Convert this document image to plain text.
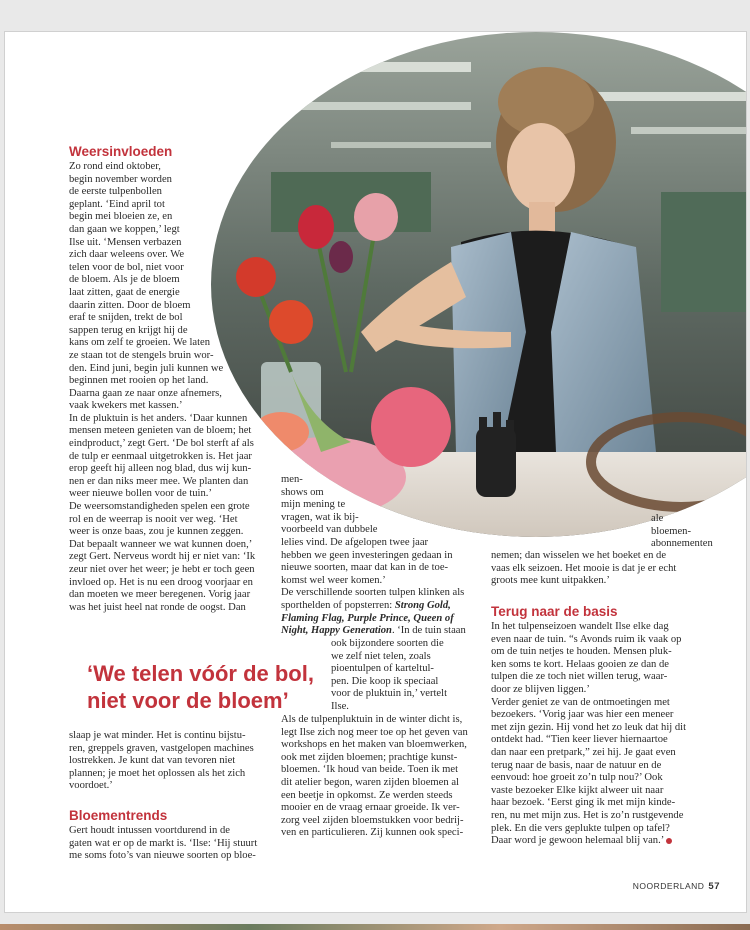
Weersinvloeden

Zo rond eind oktober,

begin november worden

de eerste tulpenbollen

geplant. ‘Eind april tot

begin mei bloeien ze, en

dan gaan we koppen,’ legt

Ilse uit. ‘Mensen verbazen

zich daar weleens over. We

telen voor de bol, niet voor

de bloem. Als je de bloem

laat zitten, gaat de energie

daarin zitten. Door de bloem

eraf te snijden, trekt de bol

sappen terug en krijgt hij de

kans om zelf te groeien. We laten

ze staan tot de stengels bruin wor-

den. Eind juni, begin juli kunnen we

beginnen met rooien op het land.

Daarna gaan ze naar onze afnemers,

vaak kwekers met kassen.’

In de pluktuin is het anders. ‘Daar kunnen

mensen meteen genieten van de bloem; het

eindproduct,’ zegt Gert. ‘De bol sterft af als

de tulp er eenmaal uitgetrokken is. Het jaar

erop geeft hij alleen nog blad, dus wij kun-

nen er dan niks meer mee. We planten dan

weer nieuwe bollen voor de tuin.’

De weersomstandigheden spelen een grote

rol en de weerrap is nooit ver weg. ‘Het

weer is onze baas, zou je kunnen zeggen.

Dat bepaalt wanneer we wat kunnen doen,’

zegt Gert. Nerveus wordt hij er niet van: ‘Ik

zeur niet over het weer; je hebt er toch geen

invloed op. Het is nu een droog voorjaar en

dan moeten we meer beregenen. Vorig jaar

was het juist heel nat ronde de oogst. Dan

‘We telen vóór de bol,
niet voor de bloem’

slaap je wat minder. Het is continu bijstu-

ren, greppels graven, vastgelopen machines

lostrekken. Je kunt dat van tevoren niet

plannen; je moet het oplossen als het zich

voordoet.’

Bloementrends

Gert houdt intussen voortdurend in de

gaten wat er op de markt is. ‘Ilse: ‘Hij stuurt

me soms foto’s van nieuwe soorten op bloe-

men-

shows om

mijn mening te

vragen, wat ik bij-

voorbeeld van dubbele

lelies vind. De afgelopen twee jaar

hebben we geen investeringen gedaan in

nieuwe soorten, maar dat kan in de toe-

komst wel weer komen.’

De verschillende soorten tulpen klinken als

sporthelden of popsterren: Strong Gold,

Flaming Flag, Purple Prince, Queen of

Night, Happy Generation. ‘In de tuin staan

ook bijzondere soorten die

we zelf niet telen, zoals

pioentulpen of karteltul-

pen. Die koop ik speciaal

voor de pluktuin in,’ vertelt

Ilse.

Als de tulpenpluktuin in de winter dicht is,

legt Ilse zich nog meer toe op het geven van

workshops en het maken van bloemwerken,

ook met zijden bloemen; prachtige kunst-

bloemen. ‘Ik houd van beide. Toen ik met

dit atelier begon, waren zijden bloemen al

een beetje in opkomst. Ze werden steeds

mooier en de vraag ernaar groeide. Ik ver-

zorg veel zijden bloemstukken voor bedrij-

ven en particulieren. Zij kunnen ook speci-

ale

bloemen-

abonnementen

nemen; dan wisselen we het boeket en de

vaas elk seizoen. Het mooie is dat je er echt

groots mee kunt uitpakken.’

Terug naar de basis

In het tulpenseizoen wandelt Ilse elke dag

even naar de tuin. “s Avonds ruim ik vaak op

om de tuin netjes te houden. Mensen pluk-

ken soms te kort. Helaas gooien ze dan de

tulpen die ze toch niet willen terug, waar-

door ze blijven liggen.’

Verder geniet ze van de ontmoetingen met

bezoekers. ‘Vorig jaar was hier een meneer

met zijn gezin. Hij vond het zo leuk dat hij dit

ontdekt had. “Tien keer liever hiernaartoe

dan naar een pretpark,” zei hij. Je gaat even

terug naar de basis, naar de natuur en de

eenvoud: hoe groeit zo’n tulp nou?’ Ook

vaste bezoeker Elke kijkt alweer uit naar

haar bezoek. ‘Eerst ging ik met mijn kinde-

ren, nu met mijn zus. Het is zo’n rustgevende

plek. En die vers geplukte tulpen op tafel?

Daar word je gewoon helemaal blij van.’

NOORDERLAND 57
